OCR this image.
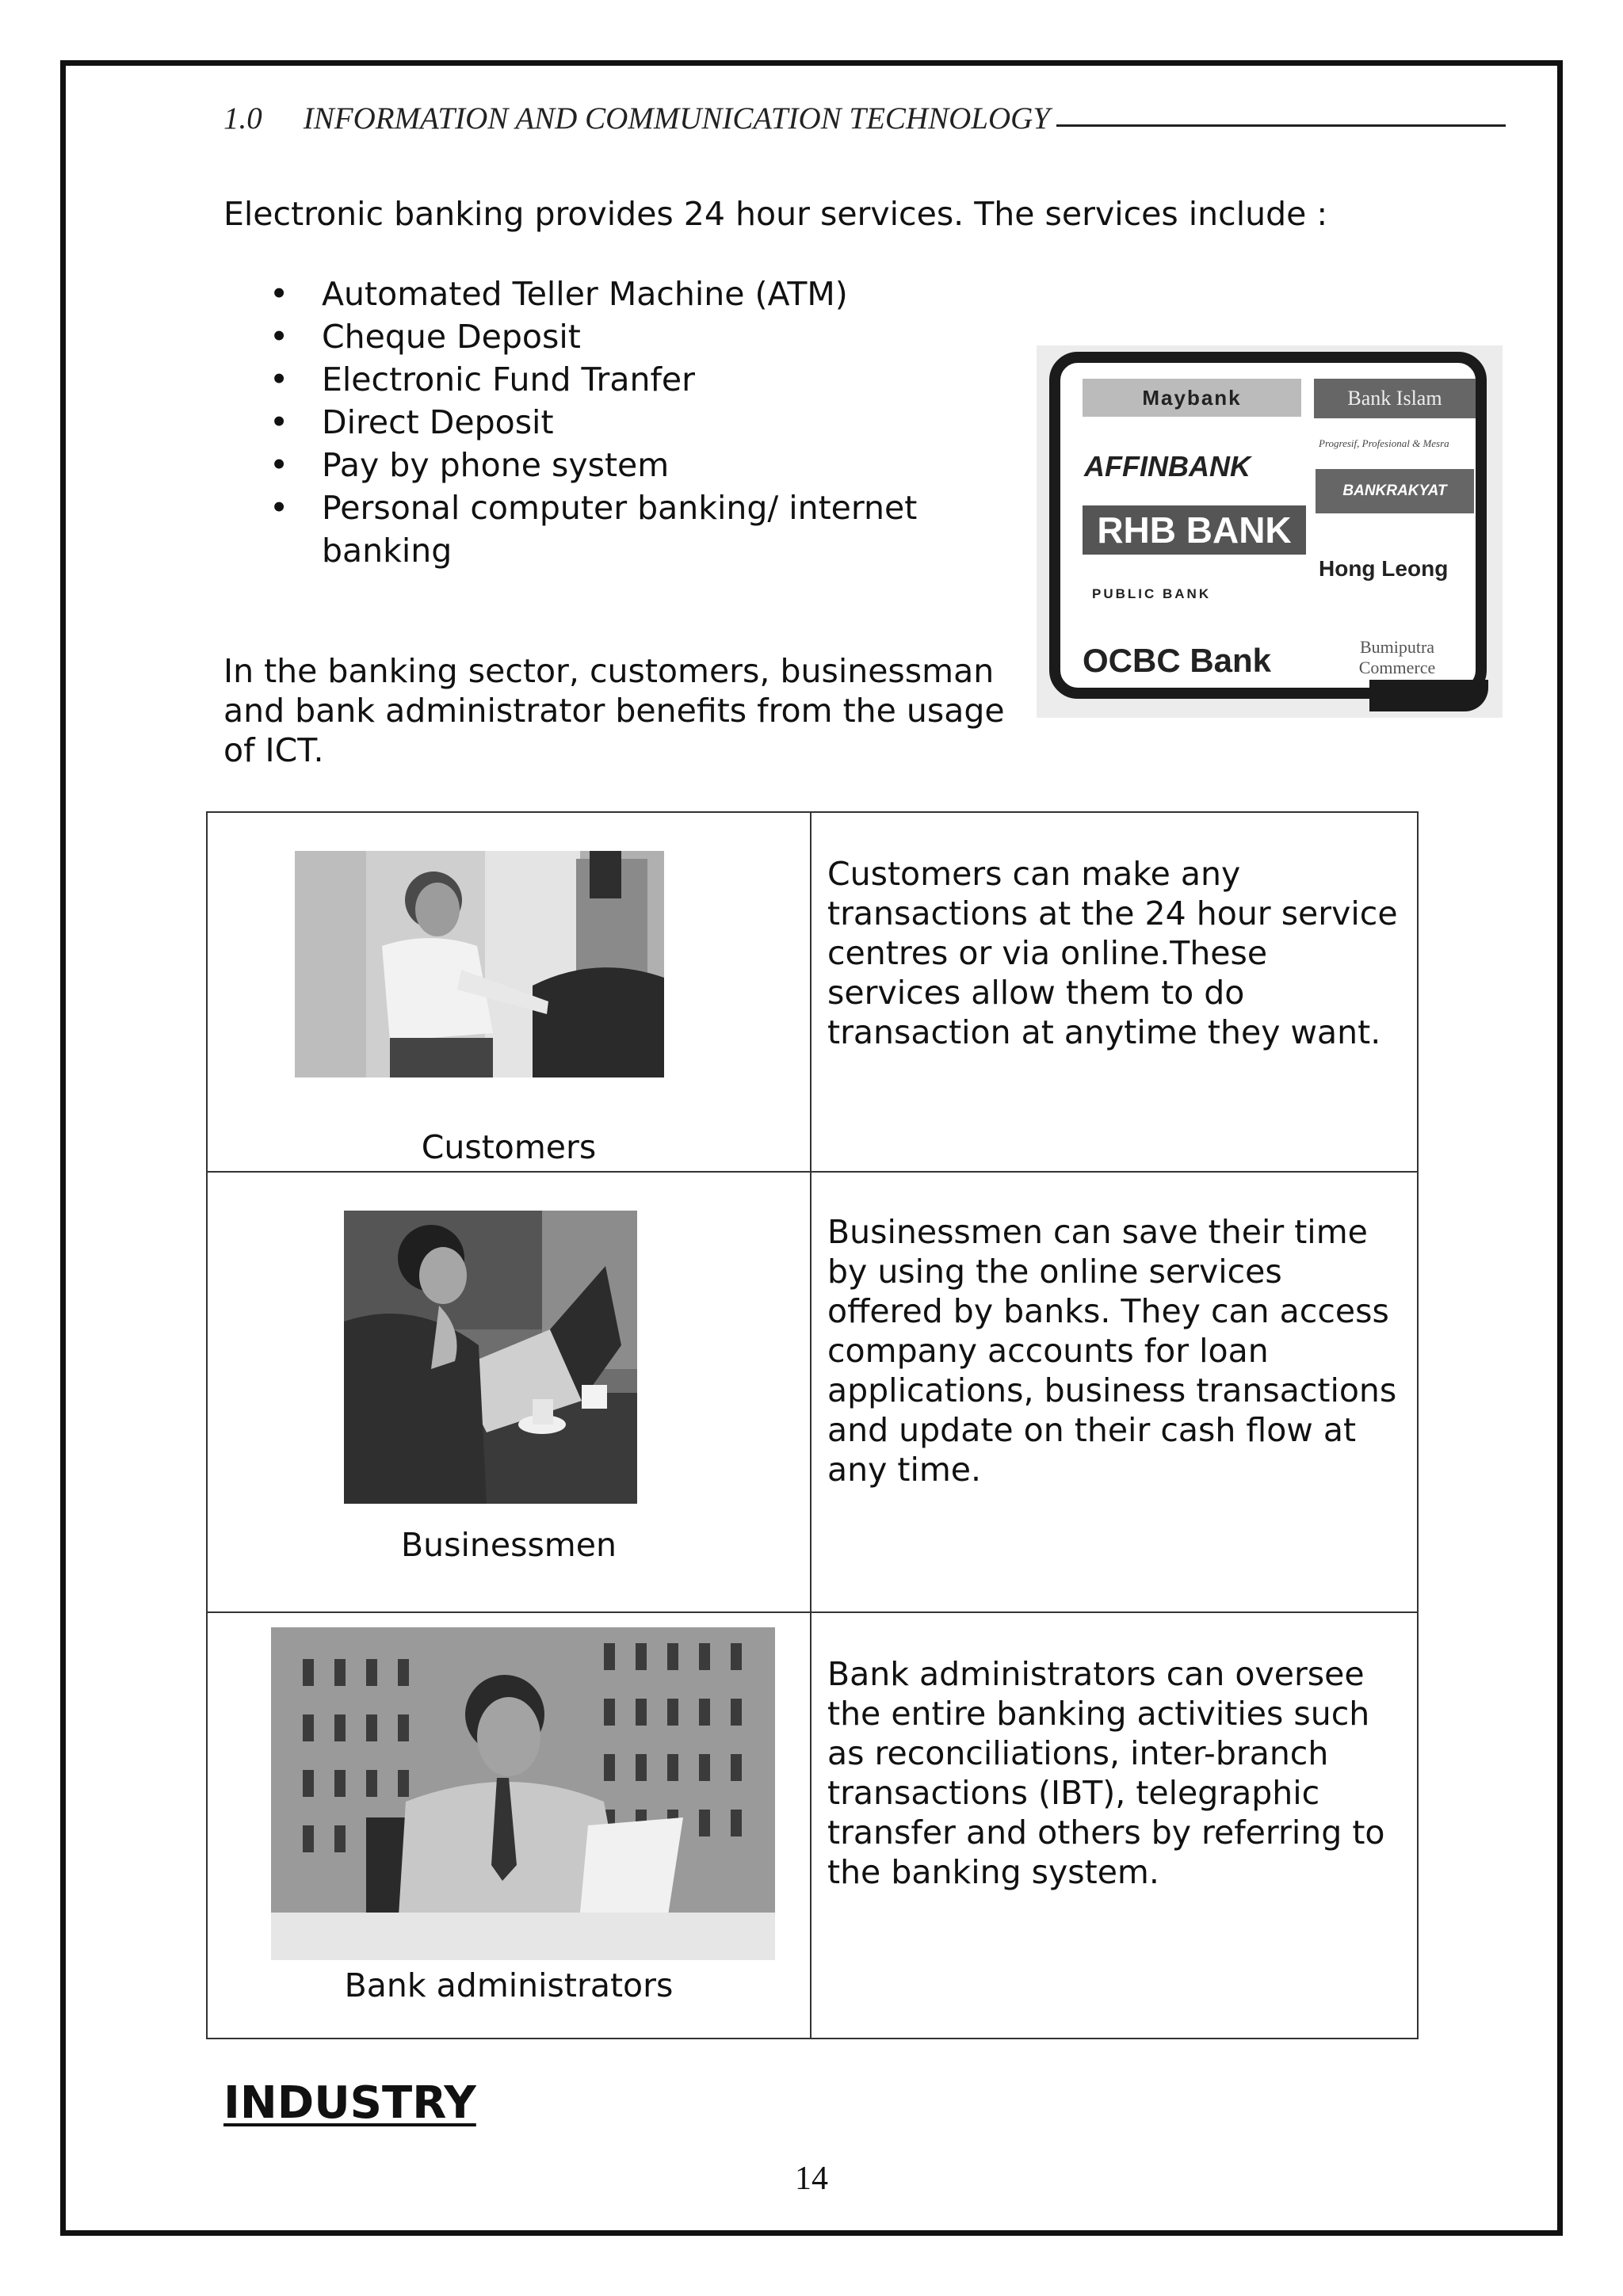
1.0 INFORMATION AND COMMUNICATION TECHNOLOGY
Electronic banking provides 24 hour services. The services include :
• Automated Teller Machine (ATM)
• Cheque Deposit
• Electronic Fund Tranfer
• Direct Deposit
• Pay by phone system
• Personal computer banking/ internet banking
In the banking sector, customers, businessman and bank administrator benefits from the usage of ICT.
Maybank	Bank Islam
Progresif, Profesional & Mesra
AFFINBANK
BANKRAKYAT
RHB BANK
Hong Leong
PUBLIC BANK
OCBC Bank	Bumiputra Commerce
Customers	Customers can make any transactions at the 24 hour service centres or via online.These services allow them to do transaction at anytime they want.

Businessmen	Businessmen can save their time by using the online services offered by banks. They can access company accounts for loan applications, business transactions and update on their cash flow at any time.

Bank administrators	Bank administrators can oversee the entire banking activities such as reconciliations, inter-branch transactions (IBT), telegraphic transfer and others by referring to the banking system.
INDUSTRY
14
